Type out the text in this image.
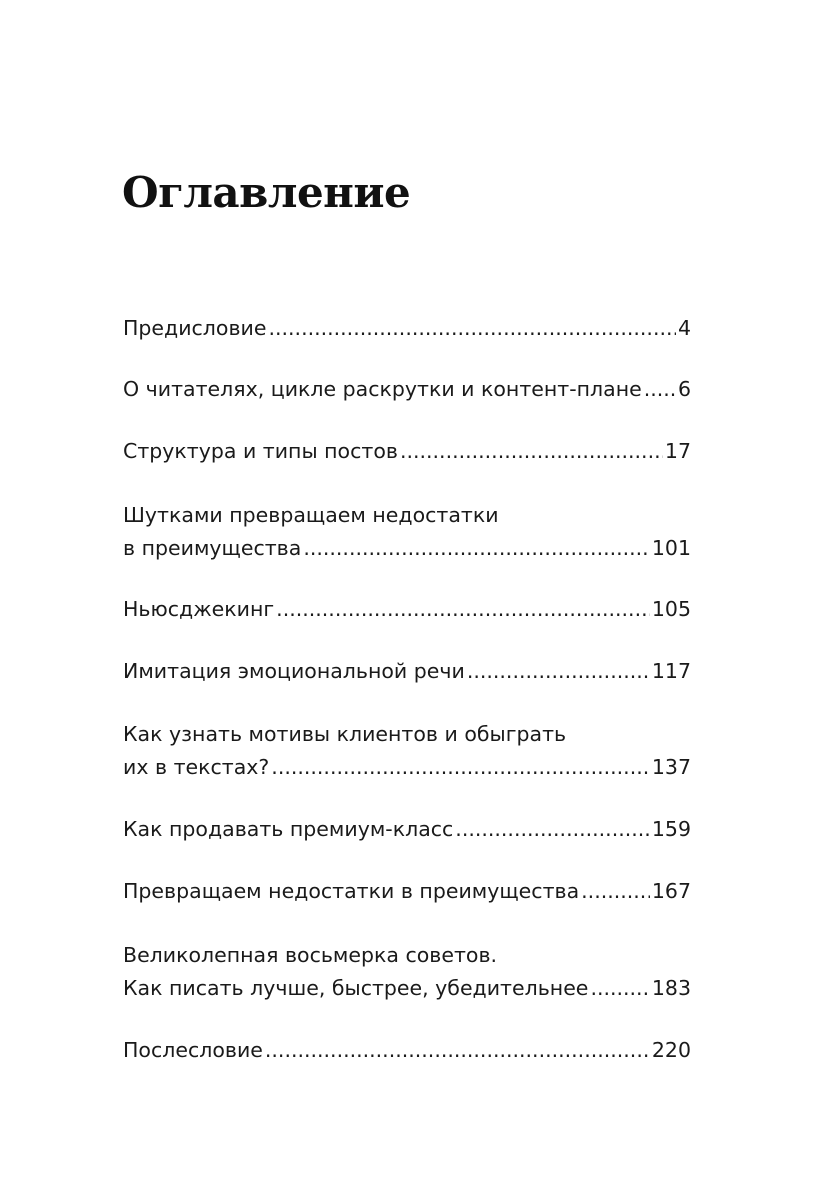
Оглавление
Предисловие .....	4
О читателях, цикле раскрутки и контент-плане ..... 6
Структура и типы постов .....	17
Шутками превращаем недостатки
в преимущества .....	101
Ньюсджекинг .....	105
Имитация эмоциональной речи .....	117
Как узнать мотивы клиентов и обыграть
их в текстах? .....	137
Как продавать премиум-класс .....	159
Превращаем недостатки в преимущества .....	167
Великолепная восьмерка советов.
Как писать лучше, быстрее, убедительнее .....	183
Послесловие .....	220
